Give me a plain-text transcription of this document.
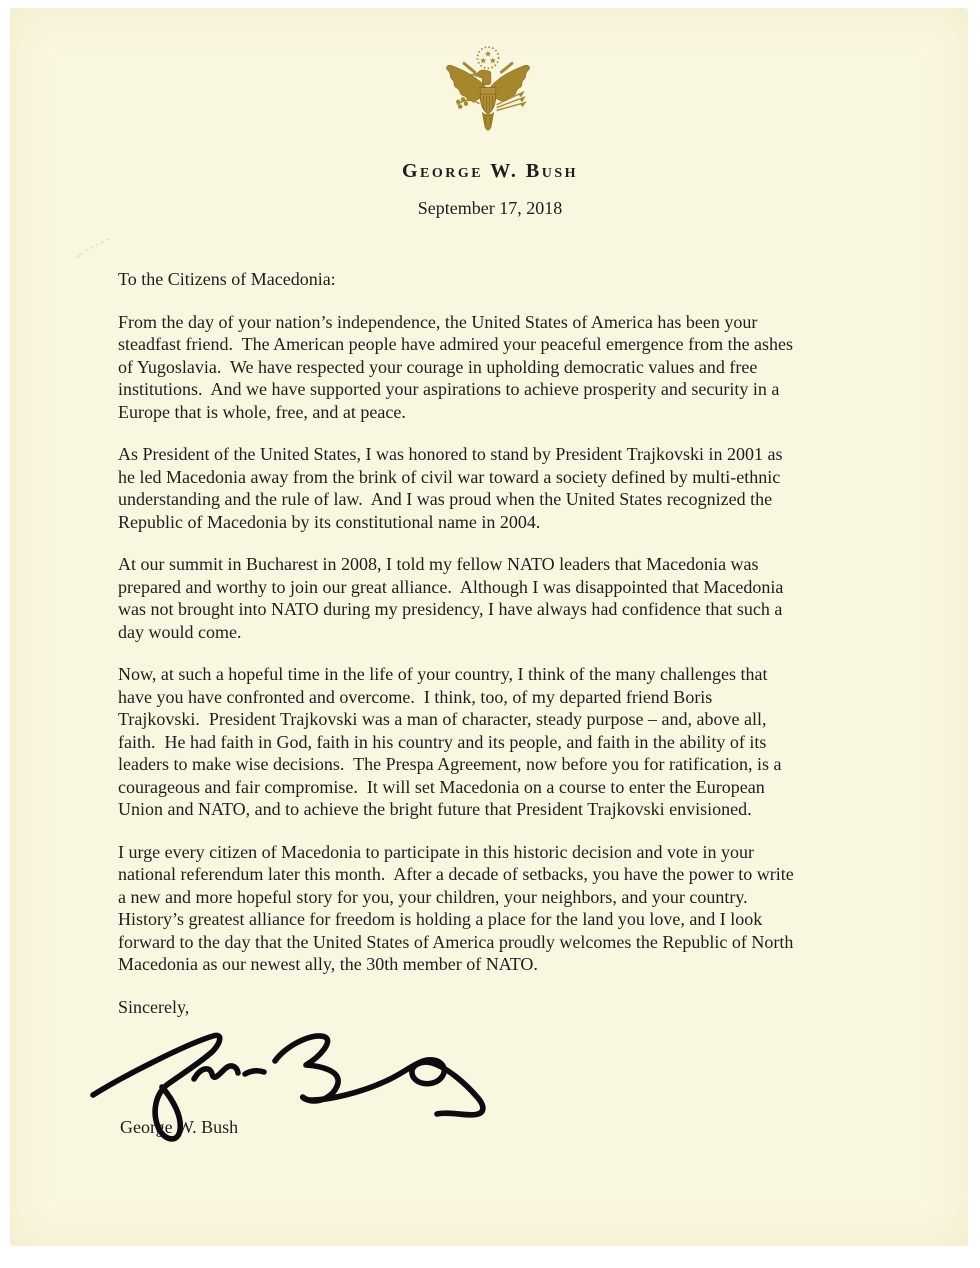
George W. Bush
September 17, 2018
To the Citizens of Macedonia:
From the day of your nation’s independence, the United States of America has been your
steadfast friend.  The American people have admired your peaceful emergence from the ashes
of Yugoslavia.  We have respected your courage in upholding democratic values and free
institutions.  And we have supported your aspirations to achieve prosperity and security in a
Europe that is whole, free, and at peace.
As President of the United States, I was honored to stand by President Trajkovski in 2001 as
he led Macedonia away from the brink of civil war toward a society defined by multi-ethnic
understanding and the rule of law.  And I was proud when the United States recognized the
Republic of Macedonia by its constitutional name in 2004.
At our summit in Bucharest in 2008, I told my fellow NATO leaders that Macedonia was
prepared and worthy to join our great alliance.  Although I was disappointed that Macedonia
was not brought into NATO during my presidency, I have always had confidence that such a
day would come.
Now, at such a hopeful time in the life of your country, I think of the many challenges that
have you have confronted and overcome.  I think, too, of my departed friend Boris
Trajkovski.  President Trajkovski was a man of character, steady purpose – and, above all,
faith.  He had faith in God, faith in his country and its people, and faith in the ability of its
leaders to make wise decisions.  The Prespa Agreement, now before you for ratification, is a
courageous and fair compromise.  It will set Macedonia on a course to enter the European
Union and NATO, and to achieve the bright future that President Trajkovski envisioned.
I urge every citizen of Macedonia to participate in this historic decision and vote in your
national referendum later this month.  After a decade of setbacks, you have the power to write
a new and more hopeful story for you, your children, your neighbors, and your country.
History’s greatest alliance for freedom is holding a place for the land you love, and I look
forward to the day that the United States of America proudly welcomes the Republic of North
Macedonia as our newest ally, the 30th member of NATO.
Sincerely,
George W. Bush
